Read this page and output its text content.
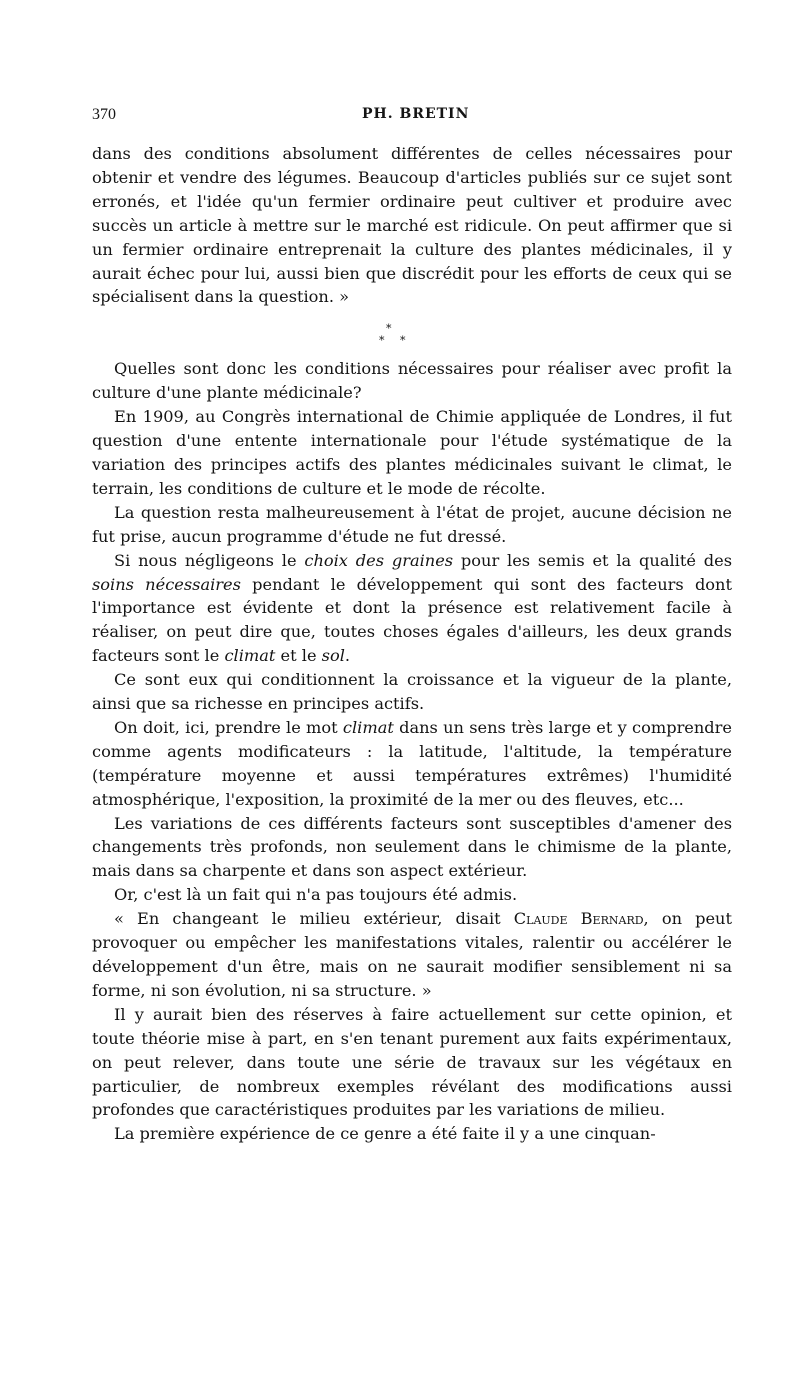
370	PH. BRETIN

dans des conditions absolument différentes de celles nécessaires pour obtenir et vendre des légumes. Beaucoup d'articles publiés sur ce sujet sont erronés, et l'idée qu'un fermier ordinaire peut cultiver et produire avec succès un article à mettre sur le marché est ridicule. On peut affirmer que si un fermier ordinaire entreprenait la culture des plantes médicinales, il y aurait échec pour lui, aussi bien que discrédit pour les efforts de ceux qui se spécialisent dans la question. »

*
* *

Quelles sont donc les conditions nécessaires pour réaliser avec profit la culture d'une plante médicinale?

En 1909, au Congrès international de Chimie appliquée de Londres, il fut question d'une entente internationale pour l'étude systématique de la variation des principes actifs des plantes médicinales suivant le climat, le terrain, les conditions de culture et le mode de récolte.

La question resta malheureusement à l'état de projet, aucune décision ne fut prise, aucun programme d'étude ne fut dressé.

Si nous négligeons le choix des graines pour les semis et la qualité des soins nécessaires pendant le développement qui sont des facteurs dont l'importance est évidente et dont la présence est relativement facile à réaliser, on peut dire que, toutes choses égales d'ailleurs, les deux grands facteurs sont le climat et le sol.

Ce sont eux qui conditionnent la croissance et la vigueur de la plante, ainsi que sa richesse en principes actifs.

On doit, ici, prendre le mot climat dans un sens très large et y comprendre comme agents modificateurs : la latitude, l'altitude, la température (température moyenne et aussi températures extrêmes) l'humidité atmosphérique, l'exposition, la proximité de la mer ou des fleuves, etc...

Les variations de ces différents facteurs sont susceptibles d'amener des changements très profonds, non seulement dans le chimisme de la plante, mais dans sa charpente et dans son aspect extérieur.

Or, c'est là un fait qui n'a pas toujours été admis.

« En changeant le milieu extérieur, disait Claude Bernard, on peut provoquer ou empêcher les manifestations vitales, ralentir ou accélérer le développement d'un être, mais on ne saurait modifier sensiblement ni sa forme, ni son évolution, ni sa structure. »

Il y aurait bien des réserves à faire actuellement sur cette opinion, et toute théorie mise à part, en s'en tenant purement aux faits expérimentaux, on peut relever, dans toute une série de travaux sur les végétaux en particulier, de nombreux exemples révélant des modifications aussi profondes que caractéristiques produites par les variations de milieu.

La première expérience de ce genre a été faite il y a une cinquan-
